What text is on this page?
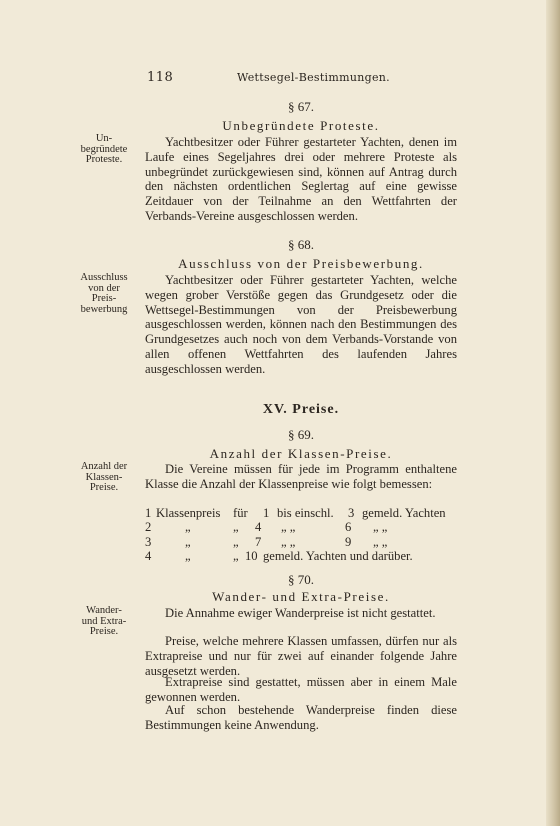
118	Wettsegel-Bestimmungen.

§ 67.

Unbegründete Proteste.

Un-
begründete
Proteste.

Yachtbesitzer oder Führer gestarteter Yachten, denen im Laufe eines Segeljahres drei oder mehrere Proteste als unbegründet zurückgewiesen sind, können auf Antrag durch den nächsten ordentlichen Seglertag auf eine gewisse Zeitdauer von der Teilnahme an den Wettfahrten der Verbands-Vereine ausgeschlossen werden.

§ 68.

Ausschluss von der Preisbewerbung.

Ausschluss
von der
Preis-
bewerbung

Yachtbesitzer oder Führer gestarteter Yachten, welche wegen grober Verstöße gegen das Grundgesetz oder die Wettsegel-Bestimmungen von der Preisbewerbung ausgeschlossen werden, können nach den Bestimmungen des Grundgesetzes auch noch von dem Verbands-Vorstande von allen offenen Wettfahrten des laufenden Jahres ausgeschlossen werden.

XV. Preise.

§ 69.

Anzahl der Klassen-Preise.

Anzahl der
Klassen-
Preise.

Die Vereine müssen für jede im Programm enthaltene Klasse die Anzahl der Klassenpreise wie folgt bemessen:

1 Klassenpreis für 1 bis einschl. 3 gemeld. Yachten
2	„	„ 4 „ „	6 „ „
3	„	„ 7 „ „	9 „ „
4	„	„ 10 gemeld. Yachten und darüber.

§ 70.

Wander- und Extra-Preise.

Wander-
und Extra-
Preise.

Die Annahme ewiger Wanderpreise ist nicht gestattet.

Preise, welche mehrere Klassen umfassen, dürfen nur als Extrapreise und nur für zwei auf einander folgende Jahre ausgesetzt werden.

Extrapreise sind gestattet, müssen aber in einem Male gewonnen werden.

Auf schon bestehende Wanderpreise finden diese Bestimmungen keine Anwendung.
